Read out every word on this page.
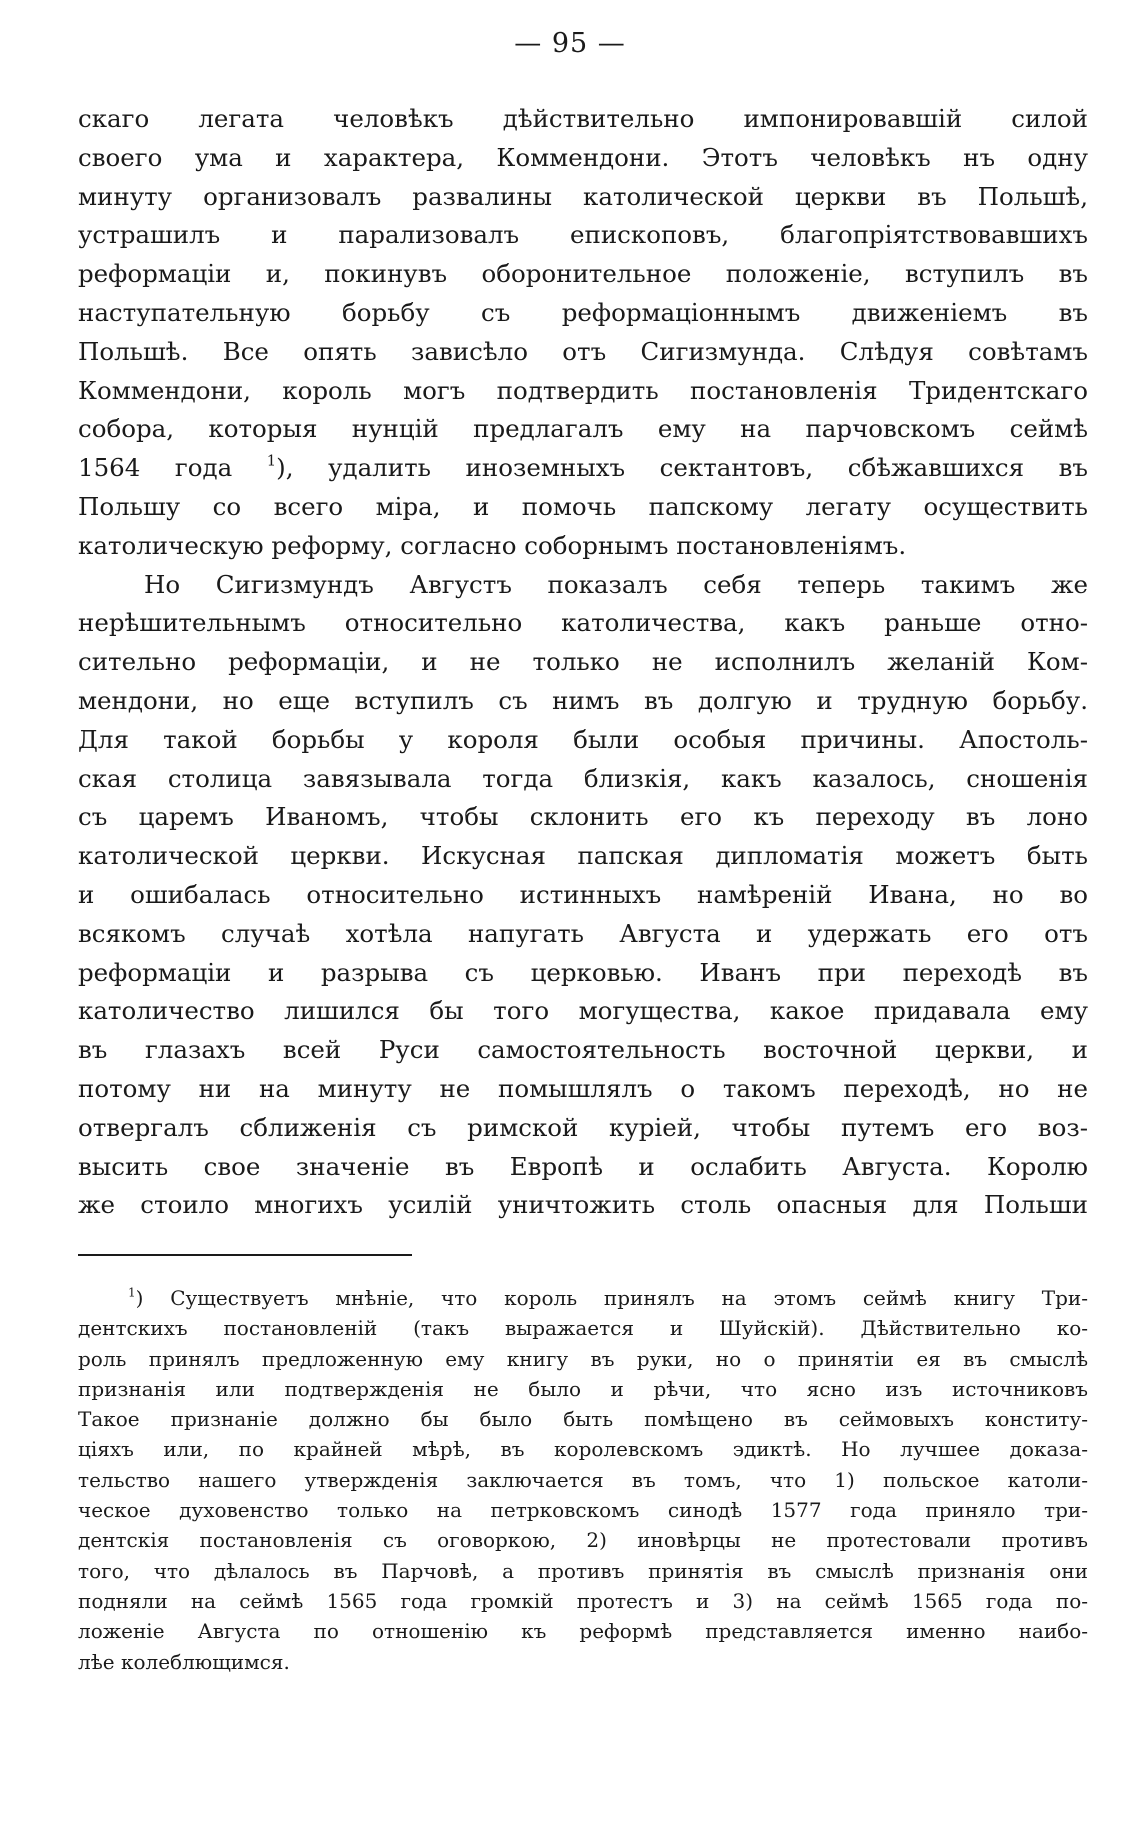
— 95 —
скаго легата человѣкъ дѣйствительно импонировавшій силой
своего ума и характера, Коммендони. Этотъ человѣкъ нъ одну
минуту организовалъ развалины католической церкви въ Польшѣ,
устрашилъ и парализовалъ епископовъ, благопріятствовавшихъ
реформаціи и, покинувъ оборонительное положеніе, вступилъ въ
наступательную борьбу съ реформаціоннымъ движеніемъ въ
Польшѣ. Все опять зависѣло отъ Сигизмунда. Слѣдуя совѣтамъ
Коммендони, король могъ подтвердить постановленія Тридентскаго
собора, которыя нунцій предлагалъ ему на парчовскомъ сеймѣ
1564 года $^1$), удалить иноземныхъ сектантовъ, сбѣжавшихся въ
Польшу со всего міра, и помочь папскому легату осуществить
католическую реформу, согласно соборнымъ постановленіямъ.
Но Сигизмундъ Августъ показалъ себя теперь такимъ же
нерѣшительнымъ относительно католичества, какъ раньше отно-
сительно реформаціи, и не только не исполнилъ желаній Ком-
мендони, но еще вступилъ съ нимъ въ долгую и трудную борьбу.
Для такой борьбы у короля были особыя причины. Апостоль-
ская столица завязывала тогда близкія, какъ казалось, сношенія
съ царемъ Иваномъ, чтобы склонить его къ переходу въ лоно
католической церкви. Искусная папская дипломатія можетъ быть
и ошибалась относительно истинныхъ намѣреній Ивана, но во
всякомъ случаѣ хотѣла напугать Августа и удержать его отъ
реформаціи и разрыва съ церковью. Иванъ при переходѣ въ
католичество лишился бы того могущества, какое придавала ему
въ глазахъ всей Руси самостоятельность восточной церкви, и
потому ни на минуту не помышлялъ о такомъ переходѣ, но не
отвергалъ сближенія съ римской куріей, чтобы путемъ его воз-
высить свое значеніе въ Европѣ и ослабить Августа. Королю
же стоило многихъ усилій уничтожить столь опасныя для Польши
$^1$) Существуетъ мнѣніе, что король принялъ на этомъ сеймѣ книгу Три-
дентскихъ постановленій (такъ выражается и Шуйскій). Дѣйствительно ко-
роль принялъ предложенную ему книгу въ руки, но о принятіи ея въ смыслѣ
признанія или подтвержденія не было и рѣчи, что ясно изъ источниковъ
Такое признаніе должно бы было быть помѣщено въ сеймовыхъ конститу-
ціяхъ или, по крайней мѣрѣ, въ королевскомъ эдиктѣ. Но лучшее доказа-
тельство нашего утвержденія заключается въ томъ, что 1) польское католи-
ческое духовенство только на петрковскомъ синодѣ 1577 года приняло три-
дентскія постановленія съ оговоркою, 2) иновѣрцы не протестовали противъ
того, что дѣлалось въ Парчовѣ, а противъ принятія въ смыслѣ признанія они
подняли на сеймѣ 1565 года громкій протестъ и 3) на сеймѣ 1565 года по-
ложеніе Августа по отношенію къ реформѣ представляется именно наибо-
лѣе колеблющимся.
